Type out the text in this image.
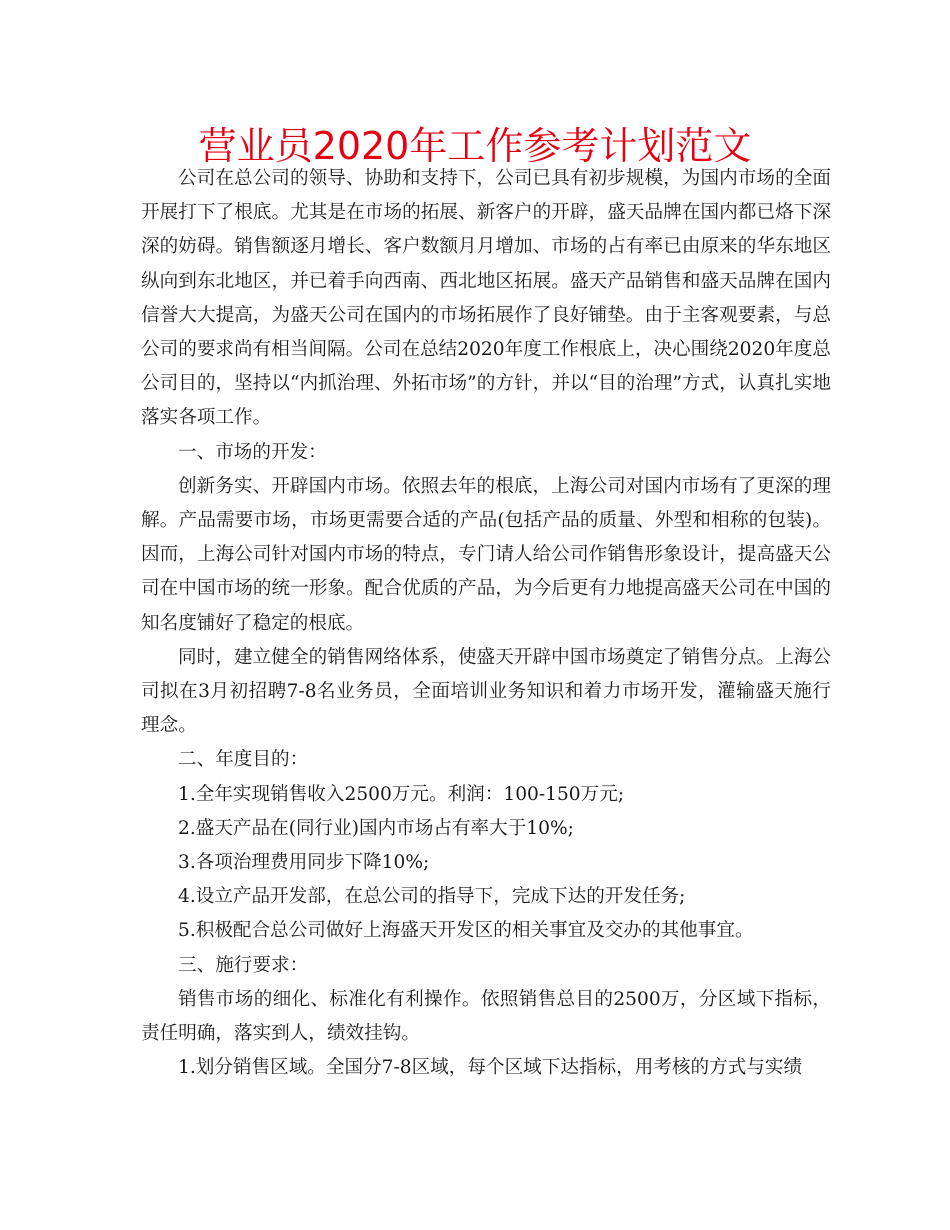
营业员2020年工作参考计划范文

公司在总公司的领导、协助和支持下，公司已具有初步规模，为国内市场的全面开展打下了根底。尤其是在市场的拓展、新客户的开辟，盛天品牌在国内都已烙下深深的妨碍。销售额逐月增长、客户数额月月增加、市场的占有率已由原来的华东地区纵向到东北地区，并已着手向西南、西北地区拓展。盛天产品销售和盛天品牌在国内信誉大大提高，为盛天公司在国内的市场拓展作了良好铺垫。由于主客观要素，与总公司的要求尚有相当间隔。公司在总结2020年度工作根底上，决心围绕2020年度总公司目的，坚持以“内抓治理、外拓市场”的方针，并以“目的治理”方式，认真扎实地落实各项工作。

一、市场的开发：

创新务实、开辟国内市场。依照去年的根底，上海公司对国内市场有了更深的理解。产品需要市场，市场更需要合适的产品(包括产品的质量、外型和相称的包装)。因而，上海公司针对国内市场的特点，专门请人给公司作销售形象设计，提高盛天公司在中国市场的统一形象。配合优质的产品，为今后更有力地提高盛天公司在中国的知名度铺好了稳定的根底。

同时，建立健全的销售网络体系，使盛天开辟中国市场奠定了销售分点。上海公司拟在3月初招聘7-8名业务员，全面培训业务知识和着力市场开发，灌输盛天施行理念。

二、年度目的：

1.全年实现销售收入2500万元。利润：100-150万元;

2.盛天产品在(同行业)国内市场占有率大于10%;

3.各项治理费用同步下降10%;

4.设立产品开发部，在总公司的指导下，完成下达的开发任务;

5.积极配合总公司做好上海盛天开发区的相关事宜及交办的其他事宜。

三、施行要求：

销售市场的细化、标准化有利操作。依照销售总目的2500万，分区域下指标，责任明确，落实到人，绩效挂钩。

1.划分销售区域。全国分7-8区域，每个区域下达指标，用考核的方式与实绩
